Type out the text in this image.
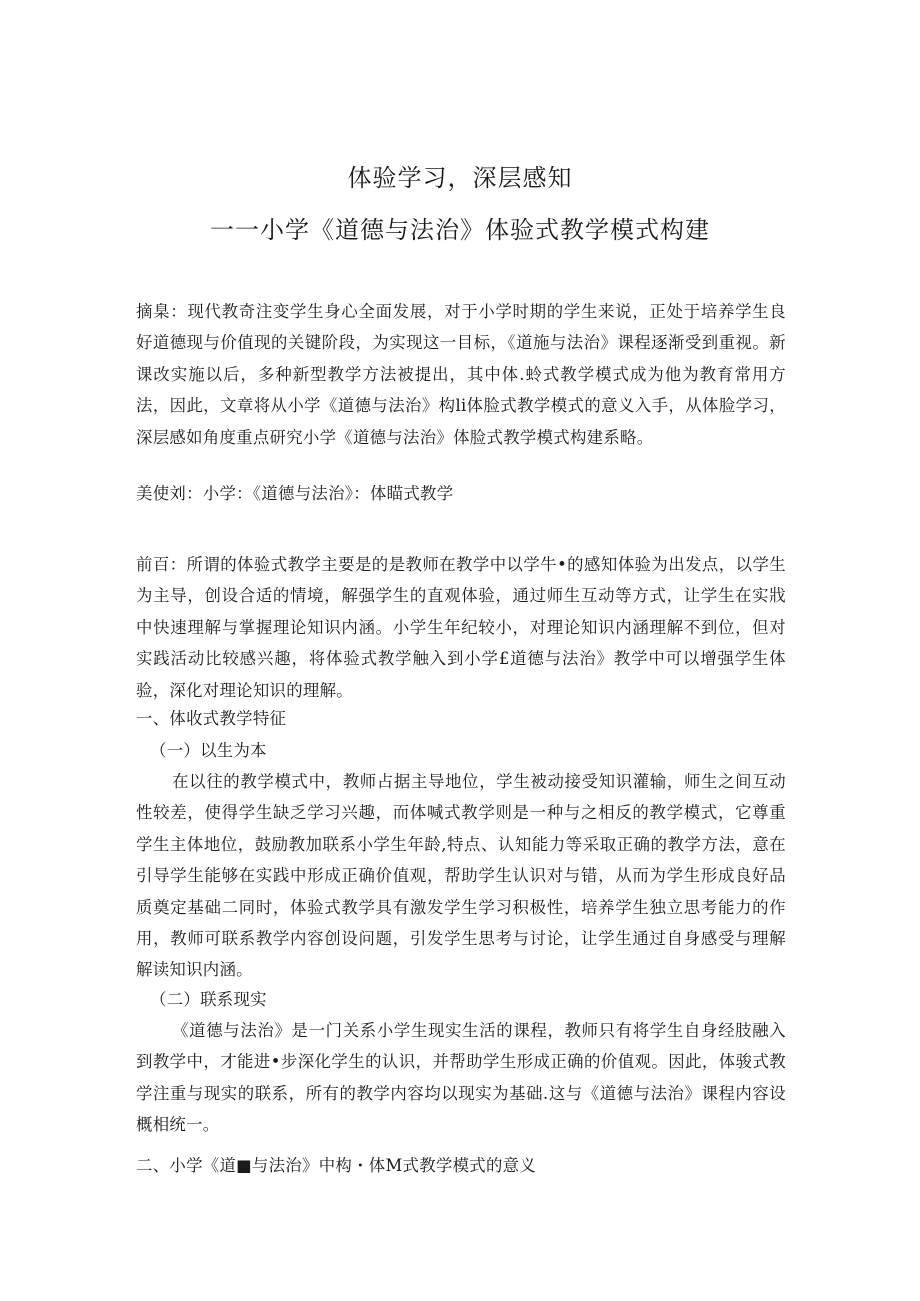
体验学习，深层感知
一一小学《道德与法治》体验式教学模式构建
摘臬：现代教奇注变学生身心全面发展，对于小学时期的学生来说，正处于培养学生良好道德现与价值现的关键阶段，为实现这一目标，《道施与法治》课程逐渐受到重视。新课改实施以后，多种新型教学方法被提出，其中体.蛉式教学模式成为他为教育常用方法，因此，文章将从小学《道德与法治》构li体脸式教学模式的意义入手，从体脸学习，深层感如角度重点研究小学《道德与法治》体脸式教学模式构建系略。
美使刘：小学：《道德与法治》：体瞄式教学
前百：所谓的体验式教学主要是的是教师在教学中以学牛•的感知体验为出发点，以学生为主导，创设合适的情境，解强学生的直观体验，通过师生互动等方式，让学生在实戕中快速理解与掌握理论知识内涵。小学生年纪较小，对理论知识内涵理解不到位，但对实践活动比较感兴趣，将体验式教学触入到小学£道德与法治》教学中可以增强学生体验，深化对理论知识的理解。
一、体收式教学特征
（一）以生为本
在以往的教学模式中，教师占据主导地位，学生被动接受知识灌输，师生之间互动性较差，使得学生缺乏学习兴趣，而体喊式教学则是一种与之相反的教学模式，它尊重学生主体地位，鼓励教加联系小学生年龄,特点、认知能力等采取正确的教学方法，意在引导学生能够在实践中形成正确价值观，帮助学生认识对与错，从而为学生形成良好品质奠定基础二同时，体验式教学具有激发学生学习积极性，培养学生独立思考能力的作用，教师可联系教学内容创设问题，引发学生思考与讨论，让学生通过自身感受与理解解读知识内涵。
（二）联系现实
《道德与法治》是一门关系小学生现实生活的课程，教师只有将学生自身经肢融入到教学中，才能进•步深化学生的认识，并帮助学生形成正确的价值观。因此，体骏式教学注重与现实的联系，所有的教学内容均以现实为基础.这与《道德与法治》课程内容设概相统一。
二、小学《道■与法治》中构・体M式教学模式的意义
